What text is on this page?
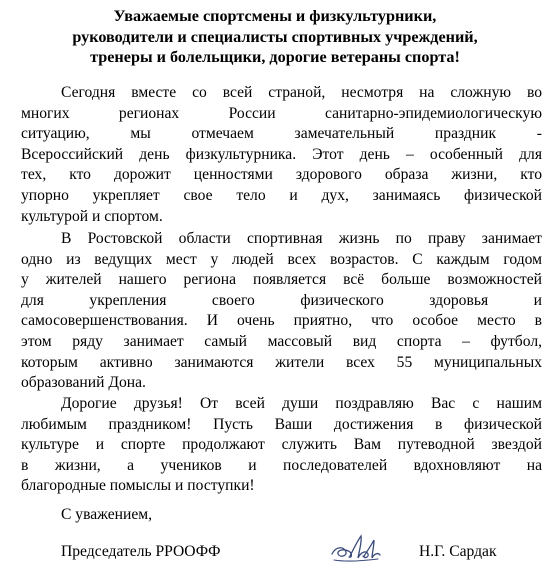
Уважаемые спортсмены и физкультурники,
руководители и специалисты спортивных учреждений,
тренеры и болельщики, дорогие ветераны спорта!

Сегодня вместе со всей страной, несмотря на сложную во
многих регионах России санитарно-эпидемиологическую
ситуацию, мы отмечаем замечательный праздник -
Всероссийский день физкультурника. Этот день – особенный для
тех, кто дорожит ценностями здорового образа жизни, кто
упорно укрепляет свое тело и дух, занимаясь физической
культурой и спортом.

В Ростовской области спортивная жизнь по праву занимает
одно из ведущих мест у людей всех возрастов. С каждым годом
у жителей нашего региона появляется всё больше возможностей
для укрепления своего физического здоровья и
самосовершенствования. И очень приятно, что особое место в
этом ряду занимает самый массовый вид спорта – футбол,
которым активно занимаются жители всех 55 муниципальных
образований Дона.

Дорогие друзья! От всей души поздравляю Вас с нашим
любимым праздником! Пусть Ваши достижения в физической
культуре и спорте продолжают служить Вам путеводной звездой
в жизни, а учеников и последователей вдохновляют на
благородные помыслы и поступки!

С уважением,

Председатель РРООФФ	Н.Г. Сардак
